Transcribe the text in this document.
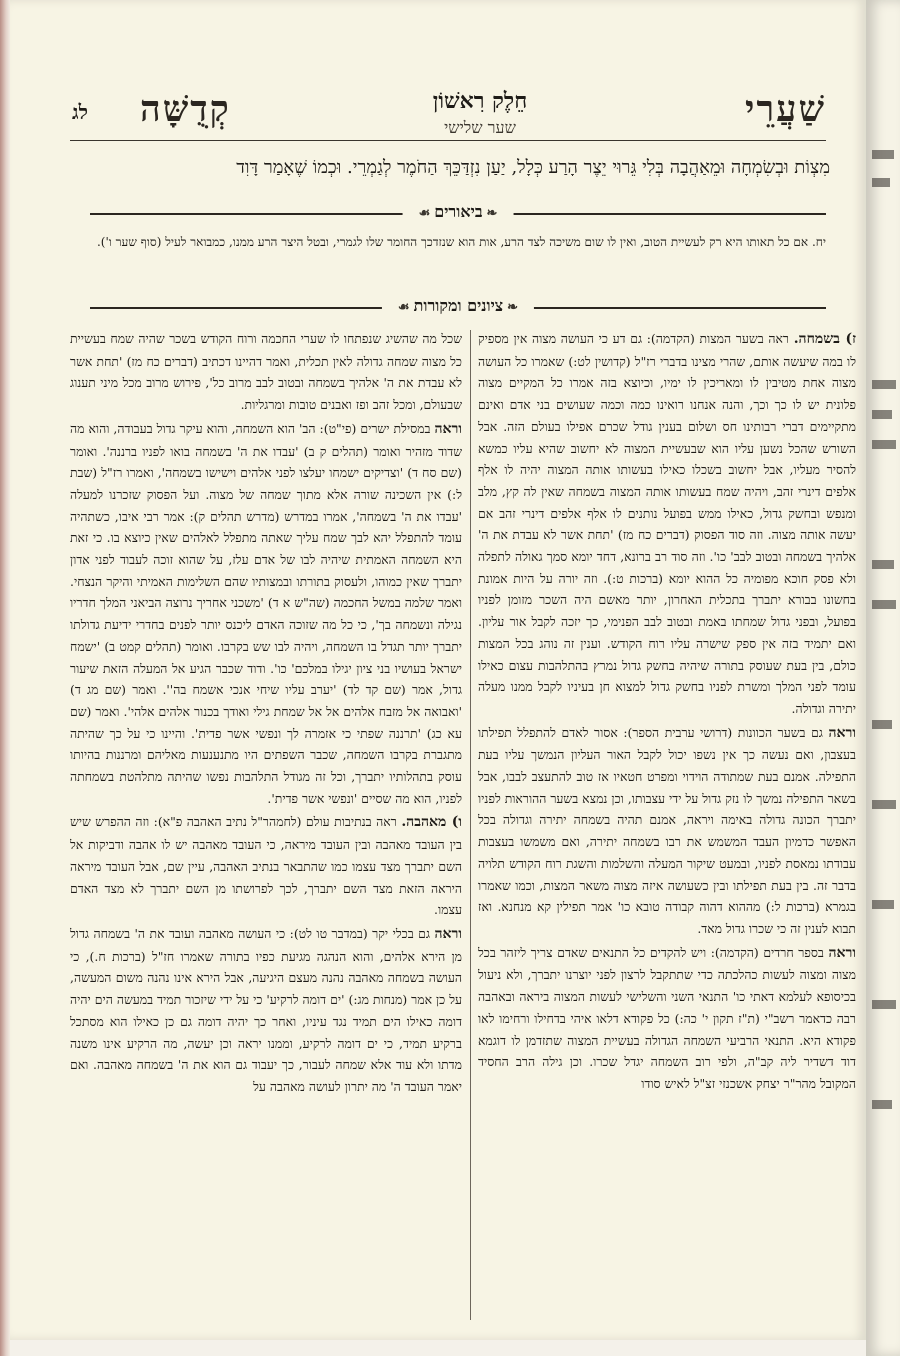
שַׁעֲרֵי
חֵלֶק רִאשׁוֹן
שער שלישי
קְדֻשָּׁה
לג
מִצְוֹת וּבְשִׂמְחָה וּמֵאַהֲבָה בְּלִי גֵּרוּי יֵצֶר הָרַע כְּלָל, יַעַן נִזְדַּכֵּךְ הַחֹמֶר לְגַמְרֵי. וּכְמוֹ שֶׁאָמַר דָּוִד
❧ביאורים☙
יח. אם כל תאותו היא רק לעשיית הטוב, ואין לו שום משיכה לצד הרע, אות הוא שנזדכך החומר שלו לגמרי, ובטל היצר הרע ממנו, כמבואר לעיל (סוף שער ו').
❧ציונים ומקורות☙

ז) בשמחה. ראה בשער המצות (הקדמה): גם דע כי העושה מצוה אין מספיק לו במה שיעשה אותם, שהרי מצינו בדברי רז"ל (קדושין לט:) שאמרו כל העושה מצוה אחת מטיבין לו ומאריכין לו ימיו, וכיוצא בזה אמרו כל המקיים מצוה פלונית יש לו כך וכך, והנה אנחנו רואינו כמה וכמה שעושים בני אדם ואינם מתקיימים דברי רבותינו חס ושלום בענין גודל שכרם אפילו בעולם הזה. אבל השורש שהכל נשען עליו הוא שבעשיית המצוה לא יחשוב שהיא עליו כמשא להסיר מעליו, אבל יחשוב בשכלו כאילו בעשותו אותה המצוה יהיה לו אלף אלפים דינרי זהב, ויהיה שמח בעשותו אותה המצוה בשמחה שאין לה קץ, מלב ומנפש ובחשק גדול, כאילו ממש בפועל נותנים לו אלף אלפים דינרי זהב אם יעשה אותה מצוה. וזה סוד הפסוק (דברים כח מז) 'תחת אשר לא עבדת את ה' אלהיך בשמחה ובטוב לבב' כו'. וזה סוד רב ברונא, דחד יומא סמך גאולה לתפלה ולא פסק חוכא מפומיה כל ההוא יומא (ברכות ט:). וזה יורה על היות אמונת בחשונו בבורא יתברך בתכלית האחרון, יותר מאשם היה השכר מזומן לפניו בפועל, ובפני גדול שמחתו באמת ובטוב לבב הפנימי, כך יזכה לקבל אור עליון. ואם יתמיד בזה אין ספק שישרה עליו רוח הקודש. וענין זה נוהג בכל המצות כולם, בין בעת שעוסק בתורה שיהיה בחשק גדול נמרץ בהתלהבות עצום כאילו עומד לפני המלך ומשרת לפניו בחשק גדול למצוא חן בעיניו לקבל ממנו מעלה יתירה וגדולה.

וראה גם בשער הכוונות (דרושי ערבית הספר): אסור לאדם להתפלל תפילתו בעצבון, ואם נעשה כך אין נשפו יכול לקבל האור העליון הנמשך עליו בעת התפילה. אמנם בעת שמתודה הוידוי ומפרט חטאיו אז טוב להתעצב לבבו, אבל בשאר התפילה נמשך לו נזק גדול על ידי עצבותו, וכן נמצא בשער ההוראות לפניו יתברך הכונה גדולה באימה ויראה, אמנם תהיה בשמחה יתירה וגדולה בכל האפשר כדמיון העבד המשמש את רבו בשמחה יתירה, ואם משמשו בעצבות עבודתו נמאסת לפניו, ובמעט שיקור המעלה והשלמות והשגת רוח הקודש תלויה בדבר זה. בין בעת תפילתו ובין כשעושה איזה מצוה משאר המצות, וכמו שאמרו בגמרא (ברכות ל:) מההוא דהוה קבודה טובא כו' אמר תפילין קא מנחנא. ואז תבוא לענין זה כי שכרו גדול מאד.

וראה בספר חרדים (הקדמה): ויש להקדים כל התנאים שאדם צריך ליזהר בכל מצוה ומצוה לעשות כהלכתה כדי שתתקבל לרצון לפני יוצרנו יתברך, ולא ניעול בכיסופא לעלמא דאתי כו' התנאי השני והשלישי לעשות המצוה ביראה ובאהבה רבה כדאמר רשב"י (ת"ז תקון י' כה:) כל פקודא דלאו איהי בדחילו ורחימו לאו פקודא היא. התנאי הרביעי השמחה הגדולה בעשיית המצוה שתזדמן לו דוגמא דוד דשדיר ליה קב"ה, ולפי רוב השמחה יגדל שכרו. וכן גילה הרב החסיד המקובל מהר"ר יצחק אשכנזי זצ"ל לאיש סודו

שכל מה שהשיג שנפתחו לו שערי החכמה ורוח הקודש בשכר שהיה שמח בעשיית כל מצוה שמחה גדולה לאין תכלית, ואמר דהיינו דכתיב (דברים כח מז) 'תחת אשר לא עבדת את ה' אלהיך בשמחה ובטוב לבב מרוב כל', פירוש מרוב מכל מיני תענוג שבעולם, ומכל זהב ופז ואבנים טובות ומרגליות.

וראה במסילת ישרים (פי"ט): הב' הוא השמחה, והוא עיקר גדול בעבודה, והוא מה שדוד מזהיר ואומר (תהלים ק ב) 'עבדו את ה' בשמחה בואו לפניו ברננה'. ואומר (שם סח ד) 'וצדיקים ישמחו יעלצו לפני אלהים וישישו בשמחה', ואמרו רז"ל (שבת ל:) אין השכינה שורה אלא מתוך שמחה של מצוה. ועל הפסוק שזכרנו למעלה 'עבדו את ה' בשמחה', אמרו במדרש (מדרש תהלים ק): אמר רבי איבו, כשתהיה עומד להתפלל יהא לבך שמח עליך שאתה מתפלל לאלהים שאין כיוצא בו. כי זאת היא השמחה האמתית שיהיה לבו של אדם עלז, על שהוא זוכה לעבוד לפני אדון יתברך שאין כמוהו, ולעסוק בתורתו ובמצותיו שהם השלימות האמיתי והיקר הנצחי. ואמר שלמה במשל החכמה (שה"ש א ד) 'משכני אחריך נרוצה הביאני המלך חדריו נגילה ונשמחה בך', כי כל מה שזוכה האדם ליכנס יותר לפנים בחדרי ידיעת גדולתו יתברך יותר תגדל בו השמחה, ויהיה לבו שש בקרבו. ואומר (תהלים קמט ב) 'ישמח ישראל בעושיו בני ציון יגילו במלכם' כו'. ודוד שכבר הגיע אל המעלה הזאת שיעור גדול, אמר (שם קד לד) 'יערב עליו שיחי אנכי אשמח בה''. ואמר (שם מג ד) 'ואבואה אל מזבח אלהים אל אל שמחת גילי ואודך בכנור אלהים אלהי'. ואמר (שם עא כג) 'תרננה שפתי כי אזמרה לך ונפשי אשר פדית'. והיינו כי על כך שהיתה מתגברת בקרבו השמחה, שכבר השפתים היו מתנענעות מאליהם ומרננות בהיותו עוסק בתהלותיו יתברך, וכל זה מגודל התלהבות נפשו שהיתה מתלהטת בשמחתה לפניו, הוא מה שסיים 'ונפשי אשר פדית'.

ו) מאהבה. ראה בנתיבות עולם (לחמהר"ל נתיב האהבה פ"א): וזה ההפרש שיש בין העובד מאהבה ובין העובד מיראה, כי העובד מאהבה יש לו אהבה ודביקות אל השם יתברך מצד עצמו כמו שהתבאר בנתיב האהבה, עיין שם, אבל העובד מיראה היראה הזאת מצד השם יתברך, לכך לפרושתו מן השם יתברך לא מצד האדם עצמו.

וראה גם בכלי יקר (במדבר טו לט): כי העושה מאהבה ועובד את ה' בשמחה גדול מן הירא אלהים, והוא הנהגה מגיעת כפיו בתורה שאמרו חז"ל (ברכות ח.), כי העושה בשמחה מאהבה נהנה מעצם היגיעה, אבל הירא אינו נהנה משום המעשה, על כן אמר (מנחות מג:) 'ים דומה לרקיע' כי על ידי שיזכור תמיד במעשה הים יהיה דומה כאילו הים תמיד נגד עיניו, ואחר כך יהיה דומה גם כן כאילו הוא מסתכל ברקיע תמיד, כי ים דומה לרקיע, וממנו יראה וכן יעשה, מה הרקיע אינו משנה מדתו ולא עוד אלא שמחה לעבור, כך יעבוד גם הוא את ה' בשמחה מאהבה. ואם יאמר העובד ה' מה יתרון לעושה מאהבה על
